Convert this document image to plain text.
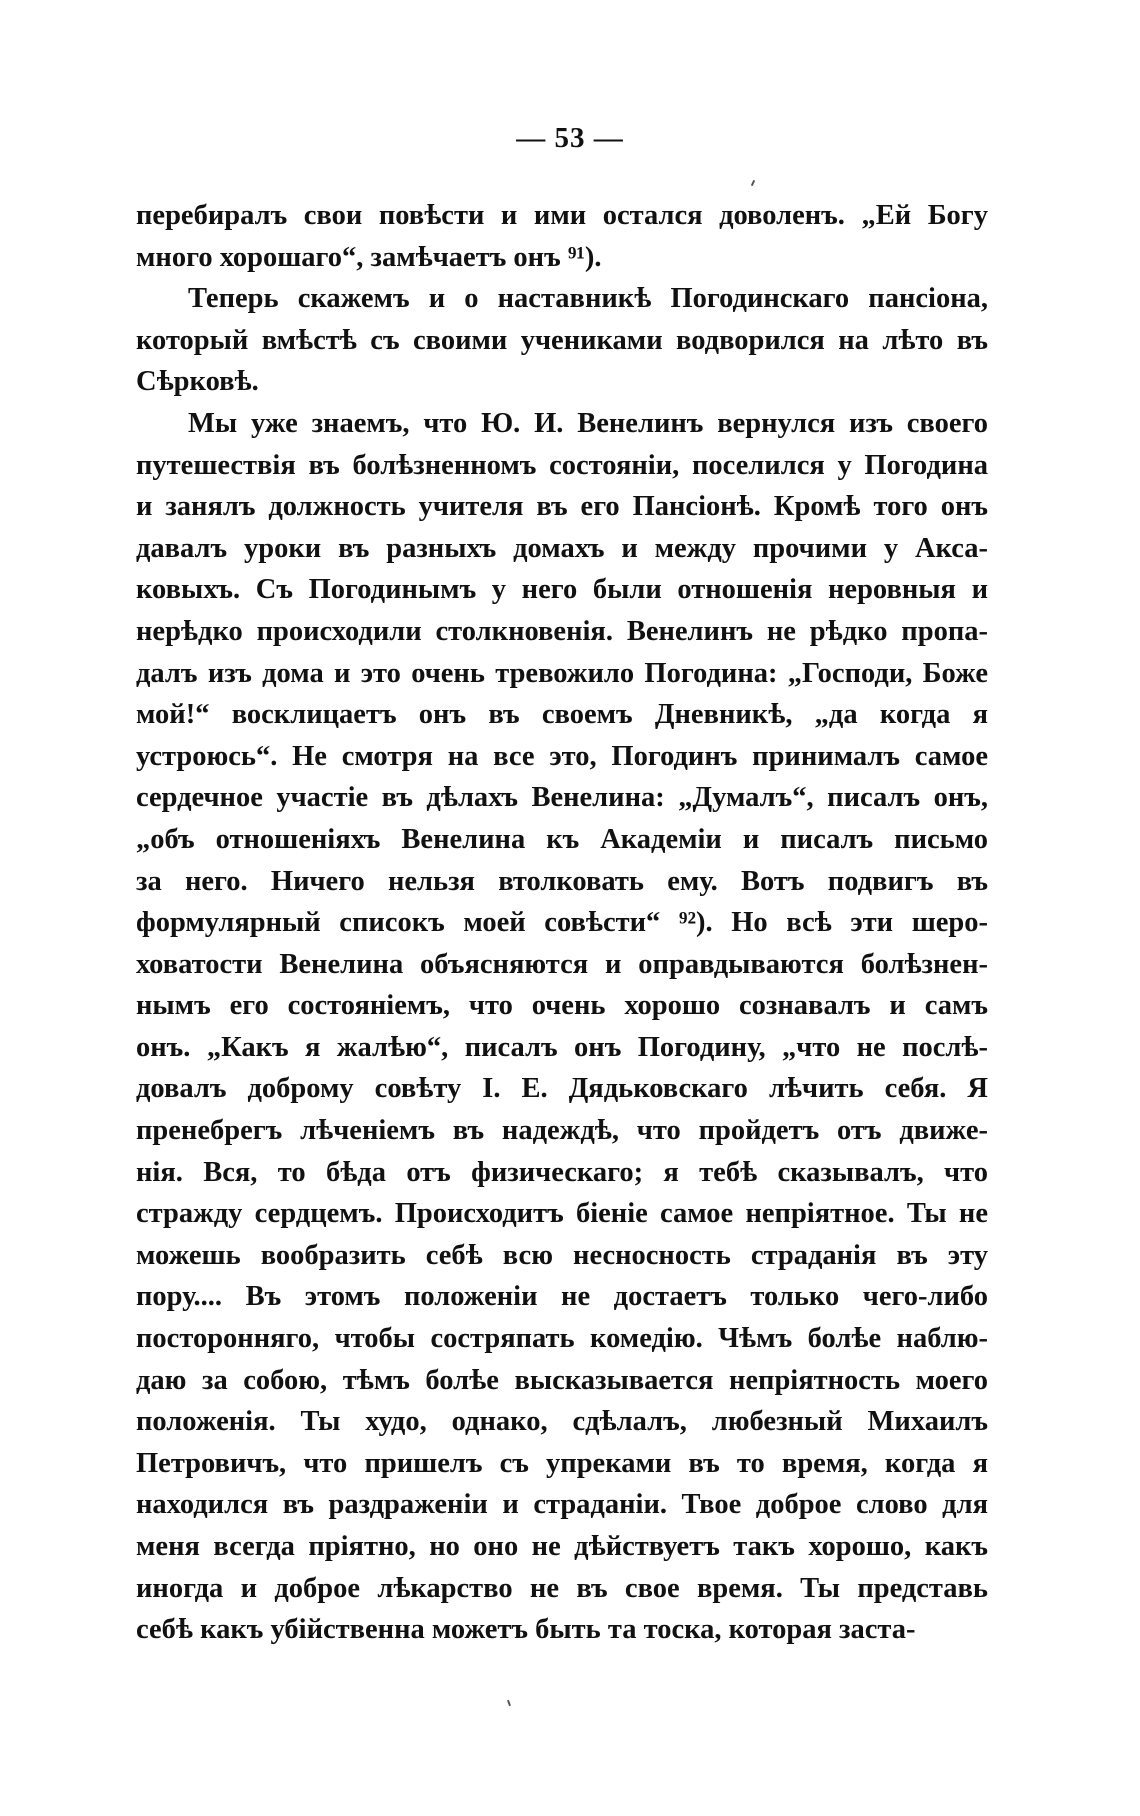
— 53 —
перебиралъ свои повѣсти и ими остался доволенъ. „Ей Богу
много хорошаго“, замѣчаетъ онъ ⁹¹).
Теперь скажемъ и о наставникѣ Погодинскаго пансіона,
который вмѣстѣ съ своими учениками водворился на лѣто въ
Сѣрковѣ.
Мы уже знаемъ, что Ю. И. Венелинъ вернулся изъ своего
путешествія въ болѣзненномъ состояніи, поселился у Погодина
и занялъ должность учителя въ его Пансіонѣ. Кромѣ того онъ
давалъ уроки въ разныхъ домахъ и между прочими у Акса-
ковыхъ. Съ Погодинымъ у него были отношенія неровныя и
нерѣдко происходили столкновенія. Венелинъ не рѣдко пропа-
далъ изъ дома и это очень тревожило Погодина: „Господи, Боже
мой!“ восклицаетъ онъ въ своемъ Дневникѣ, „да когда я
устроюсь“. Не смотря на все это, Погодинъ принималъ самое
сердечное участіе въ дѣлахъ Венелина: „Думалъ“, писалъ онъ,
„объ отношеніяхъ Венелина къ Академіи и писалъ письмо
за него. Ничего нельзя втолковать ему. Вотъ подвигъ въ
формулярный списокъ моей совѣсти“ ⁹²). Но всѣ эти шеро-
ховатости Венелина объясняются и оправдываются болѣзнен-
нымъ его состояніемъ, что очень хорошо сознавалъ и самъ
онъ. „Какъ я жалѣю“, писалъ онъ Погодину, „что не послѣ-
довалъ доброму совѣту І. Е. Дядьковскаго лѣчить себя. Я
пренебрегъ лѣченіемъ въ надеждѣ, что пройдетъ отъ движе-
нія. Вся, то бѣда отъ физическаго; я тебѣ сказывалъ, что
стражду сердцемъ. Происходитъ біеніе самое непріятное. Ты не
можешь вообразить себѣ всю несносность страданія въ эту
пору.... Въ этомъ положеніи не достаетъ только чего-либо
посторонняго, чтобы состряпать комедію. Чѣмъ болѣе наблю-
даю за собою, тѣмъ болѣе высказывается непріятность моего
положенія. Ты худо, однако, сдѣлалъ, любезный Михаилъ
Петровичъ, что пришелъ съ упреками въ то время, когда я
находился въ раздраженіи и страданіи. Твое доброе слово для
меня всегда пріятно, но оно не дѣйствуетъ такъ хорошо, какъ
иногда и доброе лѣкарство не въ свое время. Ты представь
себѣ какъ убійственна можетъ быть та тоска, которая заста-
